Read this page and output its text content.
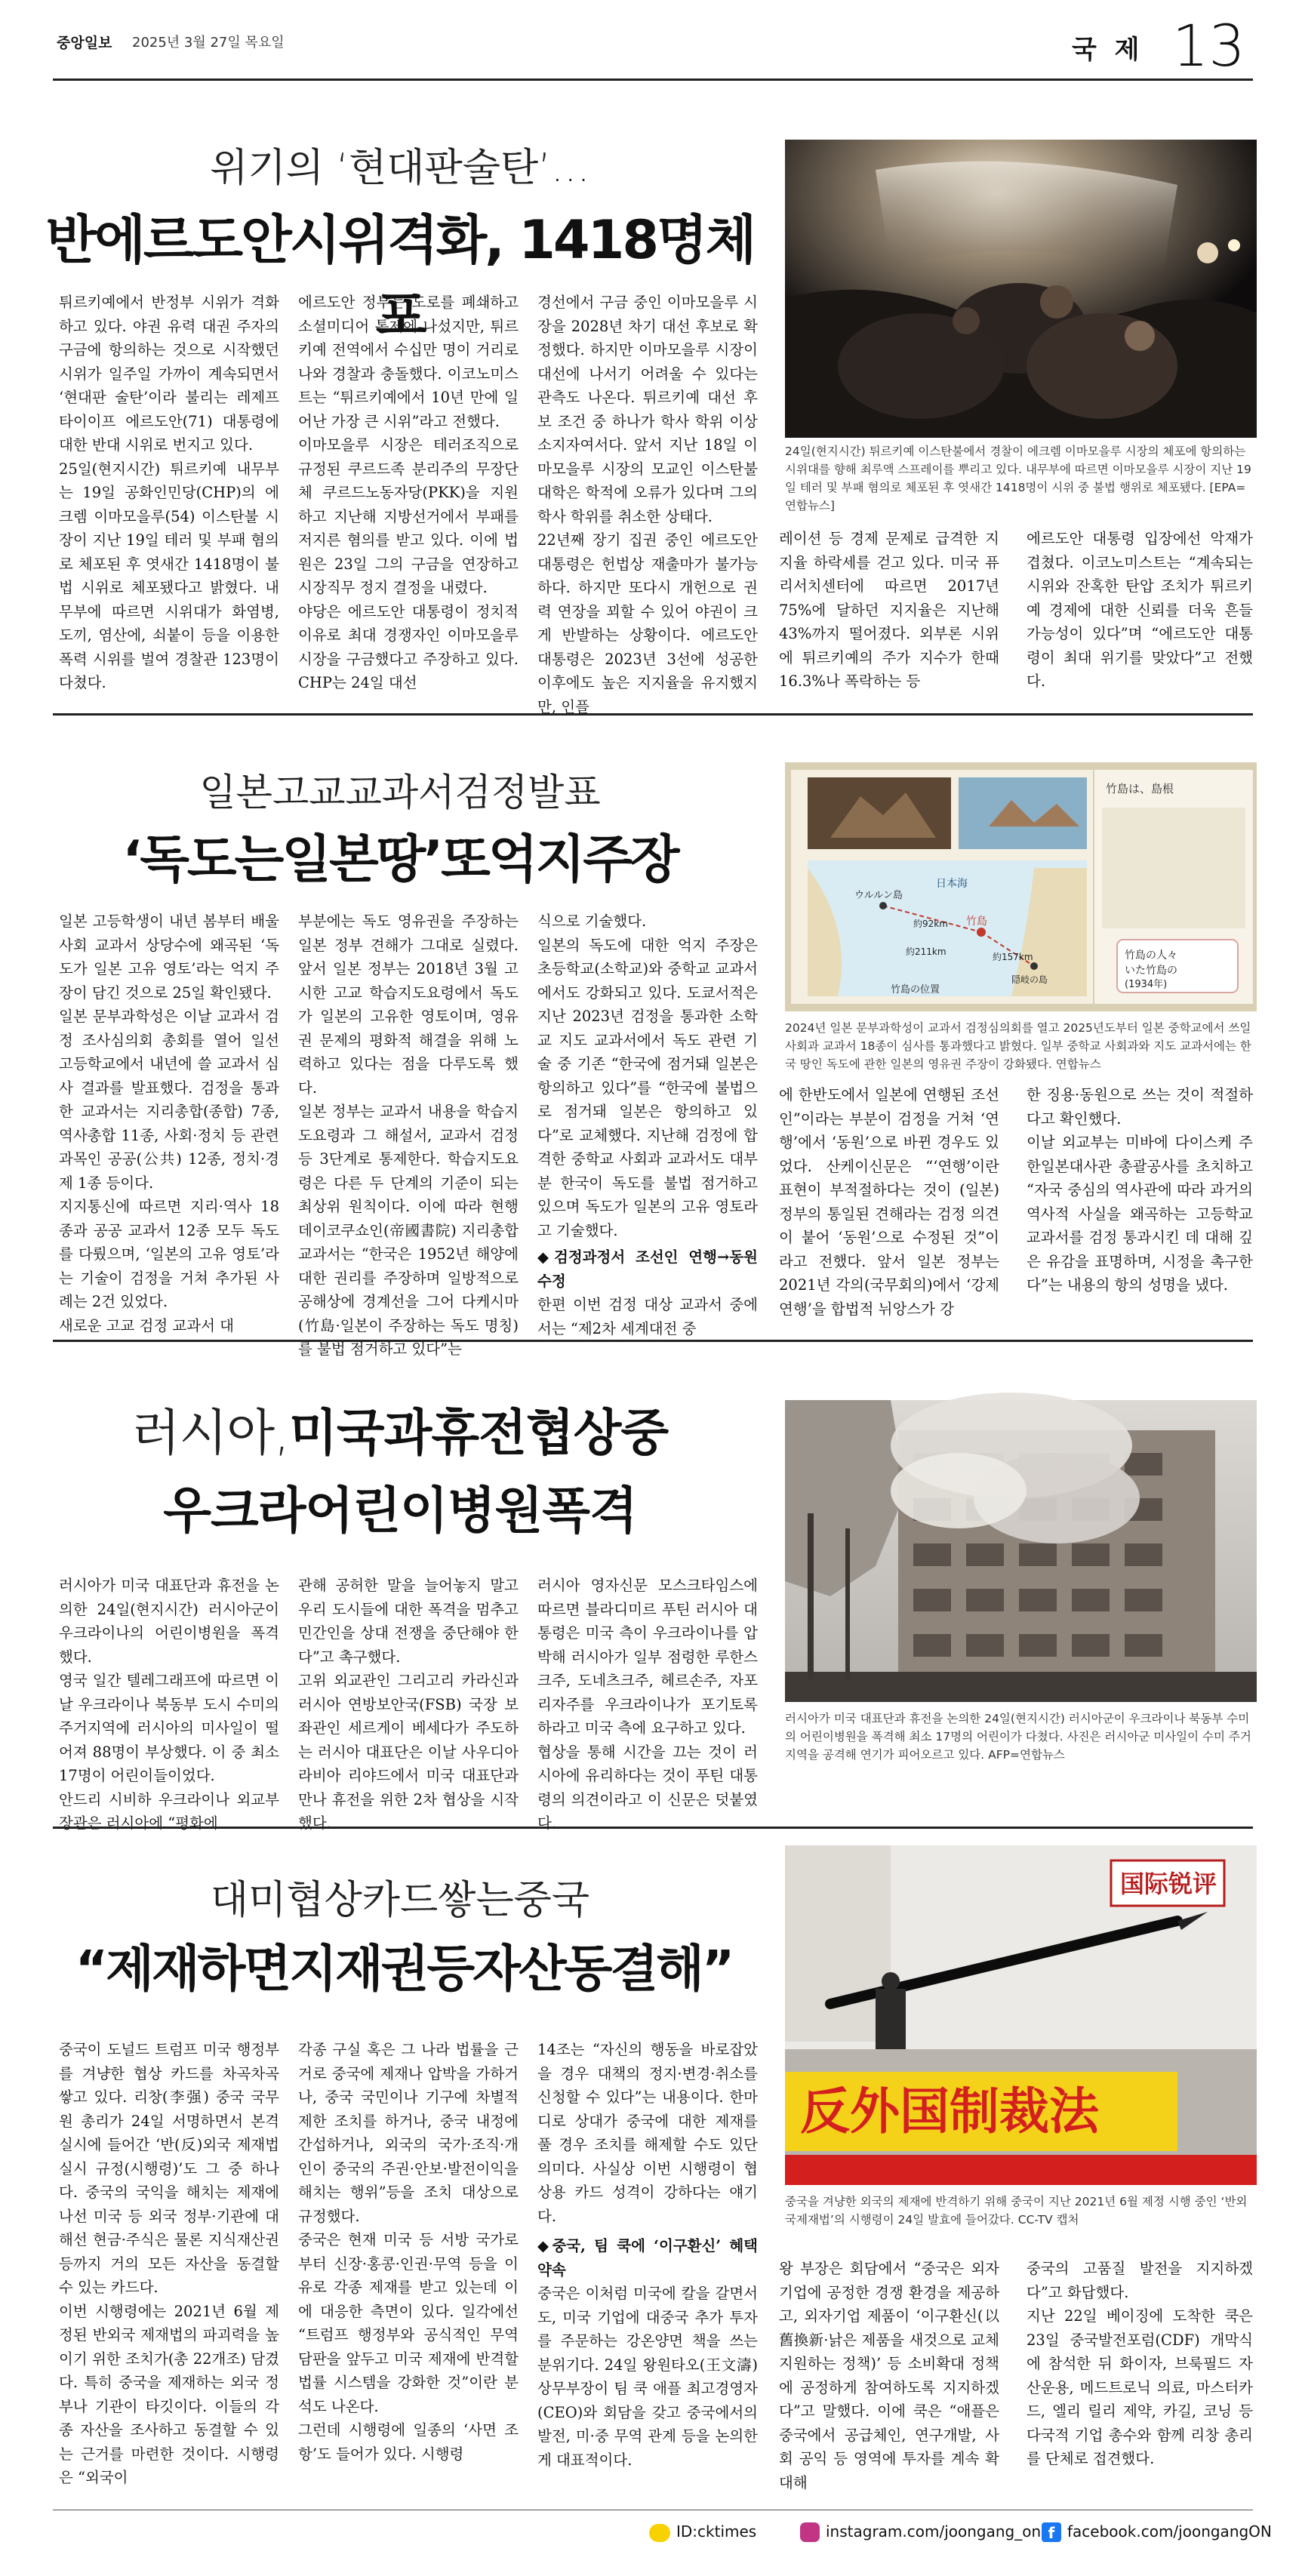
중앙일보 2025년 3월 27일 목요일	국 제 13
위기의 ‘현대판술탄’…
반에르도안시위격화, 1418명체포
24일(현지시간) 튀르키예 이스탄불에서 경찰이 에크렘 이마모을루 시장의 체포에 항의하는 시위대를 향해 최루액 스프레이를 뿌리고 있다. 내무부에 따르면 이마모을루 시장이 지난 19일 테러 및 부패 혐의로 체포된 후 엿새간 1418명이 시위 중 불법 행위로 체포됐다. [EPA=연합뉴스]
튀르키예에서 반정부 시위가 격화하고 있다. 야권 유력 대권 주자의 구금에 항의하는 것으로 시작했던 시위가 일주일 가까이 계속되면서 ‘현대판 술탄’이라 불리는 레제프 타이이프 에르도안(71) 대통령에 대한 반대 시위로 번지고 있다.
25일(현지시간) 튀르키예 내무부는 19일 공화인민당(CHP)의 에크렘 이마모을루(54) 이스탄불 시장이 지난 19일 테러 및 부패 혐의로 체포된 후 엿새간 1418명이 불법 시위로 체포됐다고 밝혔다. 내무부에 따르면 시위대가 화염병, 도끼, 염산에, 쇠붙이 등을 이용한 폭력 시위를 벌여 경찰관 123명이 다쳤다.
에르도안 정부는 도로를 폐쇄하고 소셜미디어 통제에 나섰지만, 튀르키예 전역에서 수십만 명이 거리로 나와 경찰과 충돌했다. 이코노미스트는 “튀르키예에서 10년 만에 일어난 가장 큰 시위”라고 전했다.
이마모을루 시장은 테러조직으로 규정된 쿠르드족 분리주의 무장단체 쿠르드노동자당(PKK)을 지원하고 지난해 지방선거에서 부패를 저지른 혐의를 받고 있다. 이에 법원은 23일 그의 구금을 연장하고 시장직무 정지 결정을 내렸다.
야당은 에르도안 대통령이 정치적 이유로 최대 경쟁자인 이마모을루 시장을 구금했다고 주장하고 있다. CHP는 24일 대선
경선에서 구금 중인 이마모을루 시장을 2028년 차기 대선 후보로 확정했다. 하지만 이마모을루 시장이 대선에 나서기 어려울 수 있다는 관측도 나온다. 튀르키예 대선 후보 조건 중 하나가 학사 학위 이상 소지자여서다. 앞서 지난 18일 이마모을루 시장의 모교인 이스탄불대학은 학적에 오류가 있다며 그의 학사 학위를 취소한 상태다.
22년째 장기 집권 중인 에르도안 대통령은 헌법상 재출마가 불가능하다. 하지만 또다시 개헌으로 권력 연장을 꾀할 수 있어 야권이 크게 반발하는 상황이다. 에르도안 대통령은 2023년 3선에 성공한 이후에도 높은 지지율을 유지했지만, 인플
레이션 등 경제 문제로 급격한 지지율 하락세를 걷고 있다. 미국 퓨리서치센터에 따르면 2017년 75%에 달하던 지지율은 지난해 43%까지 떨어졌다. 외부론 시위에 튀르키예의 주가 지수가 한때 16.3%나 폭락하는 등
에르도안 대통령 입장에선 악재가 겹쳤다. 이코노미스트는 “계속되는 시위와 잔혹한 탄압 조치가 튀르키예 경제에 대한 신뢰를 더욱 흔들 가능성이 있다”며 “에르도안 대통령이 최대 위기를 맞았다”고 전했다.
일본고교교과서검정발표
‘독도는일본땅’또억지주장
ウルルン島
竹島
日本海
約92km
約211km	約157km
隠岐の島
竹島の位置
竹島は、島根
竹島の人々
いた竹島の
(1934年)
2024년 일본 문부과학성이 교과서 검정심의회를 열고 2025년도부터 일본 중학교에서 쓰일 사회과 교과서 18종이 심사를 통과했다고 밝혔다. 일부 중학교 사회과와 지도 교과서에는 한국 땅인 독도에 관한 일본의 영유권 주장이 강화됐다. 연합뉴스
일본 고등학생이 내년 봄부터 배울 사회 교과서 상당수에 왜곡된 ‘독도가 일본 고유 영토’라는 억지 주장이 담긴 것으로 25일 확인됐다.
일본 문부과학성은 이날 교과서 검정 조사심의회 총회를 열어 일선 고등학교에서 내년에 쓸 교과서 심사 결과를 발표했다. 검정을 통과한 교과서는 지리총합(종합) 7종, 역사총합 11종, 사회·정치 등 관련 과목인 공공(公共) 12종, 정치·경제 1종 등이다.
지지통신에 따르면 지리·역사 18종과 공공 교과서 12종 모두 독도를 다뤘으며, ‘일본의 고유 영토’라는 기술이 검정을 거쳐 추가된 사례는 2건 있었다.
새로운 고교 검정 교과서 대
부분에는 독도 영유권을 주장하는 일본 정부 견해가 그대로 실렸다. 앞서 일본 정부는 2018년 3월 고시한 고교 학습지도요령에서 독도가 일본의 고유한 영토이며, 영유권 문제의 평화적 해결을 위해 노력하고 있다는 점을 다루도록 했다.
일본 정부는 교과서 내용을 학습지도요령과 그 해설서, 교과서 검정 등 3단계로 통제한다. 학습지도요령은 다른 두 단계의 기준이 되는 최상위 원칙이다. 이에 따라 현행 데이코쿠쇼인(帝國書院) 지리총합 교과서는 “한국은 1952년 해양에 대한 권리를 주장하며 일방적으로 공해상에 경계선을 그어 다케시마(竹島·일본이 주장하는 독도 명칭)를 불법 점거하고 있다”는
식으로 기술했다.
일본의 독도에 대한 억지 주장은 초등학교(소학교)와 중학교 교과서에서도 강화되고 있다. 도쿄서적은 지난 2023년 검정을 통과한 소학교 지도 교과서에서 독도 관련 기술 중 기존 “한국에 점거돼 일본은 항의하고 있다”를 “한국에 불법으로 점거돼 일본은 항의하고 있다”로 교체했다. 지난해 검정에 합격한 중학교 사회과 교과서도 대부분 한국이 독도를 불법 점거하고 있으며 독도가 일본의 고유 영토라고 기술했다.
◆검정과정서 조선인 연행→동원 수정
한편 이번 검정 대상 교과서 중에서는 “제2차 세계대전 중
에 한반도에서 일본에 연행된 조선인”이라는 부분이 검정을 거쳐 ‘연행’에서 ‘동원’으로 바뀐 경우도 있었다. 산케이신문은 “‘연행’이란 표현이 부적절하다는 것이 (일본) 정부의 통일된 견해라는 검정 의견이 붙어 ‘동원’으로 수정된 것”이라고 전했다. 앞서 일본 정부는 2021년 각의(국무회의)에서 ‘강제연행’을 합법적 뉘앙스가 강
한 징용·동원으로 쓰는 것이 적절하다고 확인했다.
이날 외교부는 미바에 다이스케 주한일본대사관 총괄공사를 초치하고 “자국 중심의 역사관에 따라 과거의 역사적 사실을 왜곡하는 고등학교 교과서를 검정 통과시킨 데 대해 깊은 유감을 표명하며, 시정을 촉구한다”는 내용의 항의 성명을 냈다.
러시아,미국과휴전협상중
우크라어린이병원폭격
러시아가 미국 대표단과 휴전을 논의한 24일(현지시간) 러시아군이 우크라이나 북동부 수미의 어린이병원을 폭격해 최소 17명의 어린이가 다쳤다. 사진은 러시아군 미사일이 수미 주거 지역을 공격해 연기가 피어오르고 있다. AFP=연합뉴스
러시아가 미국 대표단과 휴전을 논의한 24일(현지시간) 러시아군이 우크라이나의 어린이병원을 폭격했다.
영국 일간 텔레그래프에 따르면 이날 우크라이나 북동부 도시 수미의 주거지역에 러시아의 미사일이 떨어져 88명이 부상했다. 이 중 최소 17명이 어린이들이었다.
안드리 시비하 우크라이나 외교부 장관은 러시아에 “평화에
관해 공허한 말을 늘어놓지 말고 우리 도시들에 대한 폭격을 멈추고 민간인을 상대 전쟁을 중단해야 한다”고 촉구했다.
고위 외교관인 그리고리 카라신과 러시아 연방보안국(FSB) 국장 보좌관인 세르게이 베세다가 주도하는 러시아 대표단은 이날 사우디아라비아 리야드에서 미국 대표단과 만나 휴전을 위한 2차 협상을 시작했다.
러시아 영자신문 모스크타임스에 따르면 블라디미르 푸틴 러시아 대통령은 미국 측이 우크라이나를 압박해 러시아가 일부 점령한 루한스크주, 도네츠크주, 헤르손주, 자포리자주를 우크라이나가 포기토록 하라고 미국 측에 요구하고 있다.
협상을 통해 시간을 끄는 것이 러시아에 유리하다는 것이 푸틴 대통령의 의견이라고 이 신문은 덧붙였다.
대미협상카드쌓는중국
“제재하면지재권등자산동결해”
国际锐评
反外国制裁法
중국을 겨냥한 외국의 제재에 반격하기 위해 중국이 지난 2021년 6월 제정 시행 중인 ‘반외국제재법’의 시행령이 24일 발효에 들어갔다. CC-TV 캡처
중국이 도널드 트럼프 미국 행정부를 겨냥한 협상 카드를 차곡차곡 쌓고 있다. 리창(李强) 중국 국무원 총리가 24일 서명하면서 본격 실시에 들어간 ‘반(反)외국 제재법 실시 규정(시행령)’도 그 중 하나다. 중국의 국익을 해치는 제재에 나선 미국 등 외국 정부·기관에 대해선 현금·주식은 물론 지식재산권 등까지 거의 모든 자산을 동결할 수 있는 카드다.
이번 시행령에는 2021년 6월 제정된 반외국 제재법의 파괴력을 높이기 위한 조치가(총 22개조) 담겼다. 특히 중국을 제재하는 외국 정부나 기관이 타깃이다. 이들의 각종 자산을 조사하고 동결할 수 있는 근거를 마련한 것이다. 시행령은 “외국이
각종 구실 혹은 그 나라 법률을 근거로 중국에 제재나 압박을 가하거나, 중국 국민이나 기구에 차별적 제한 조치를 하거나, 중국 내정에 간섭하거나, 외국의 국가·조직·개인이 중국의 주권·안보·발전이익을 해치는 행위”등을 조치 대상으로 규정했다.
중국은 현재 미국 등 서방 국가로부터 신장·홍콩·인권·무역 등을 이유로 각종 제재를 받고 있는데 이에 대응한 측면이 있다. 일각에선 “트럼프 행정부와 공식적인 무역 담판을 앞두고 미국 제재에 반격할 법률 시스템을 강화한 것”이란 분석도 나온다.
그런데 시행령에 일종의 ‘사면 조항’도 들어가 있다. 시행령
14조는 “자신의 행동을 바로잡았을 경우 대책의 정지·변경·취소를 신청할 수 있다”는 내용이다. 한마디로 상대가 중국에 대한 제재를 풀 경우 조치를 해제할 수도 있단 의미다. 사실상 이번 시행령이 협상용 카드 성격이 강하다는 얘기다.
◆중국, 팀 쿡에 ‘이구환신’ 혜택 약속
중국은 이처럼 미국에 칼을 갈면서도, 미국 기업에 대중국 추가 투자를 주문하는 강온양면 책을 쓰는 분위기다. 24일 왕원타오(王文濤) 상무부장이 팀 쿡 애플 최고경영자(CEO)와 회담을 갖고 중국에서의 발전, 미·중 무역 관계 등을 논의한 게 대표적이다.
왕 부장은 회담에서 “중국은 외자기업에 공정한 경쟁 환경을 제공하고, 외자기업 제품이 ‘이구환신(以舊換新·낡은 제품을 새것으로 교체 지원하는 정책)’ 등 소비확대 정책에 공정하게 참여하도록 지지하겠다”고 말했다. 이에 쿡은 “애플은 중국에서 공급체인, 연구개발, 사회 공익 등 영역에 투자를 계속 확대해
중국의 고품질 발전을 지지하겠다”고 화답했다.
지난 22일 베이징에 도착한 쿡은 23일 중국발전포럼(CDF) 개막식에 참석한 뒤 화이자, 브룩필드 자산운용, 메드트로닉 의료, 마스터카드, 엘리 릴리 제약, 카길, 코닝 등 다국적 기업 총수와 함께 리창 총리를 단체로 접견했다.
ID:cktimes	instagram.com/joongang_on f facebook.com/joongangON
